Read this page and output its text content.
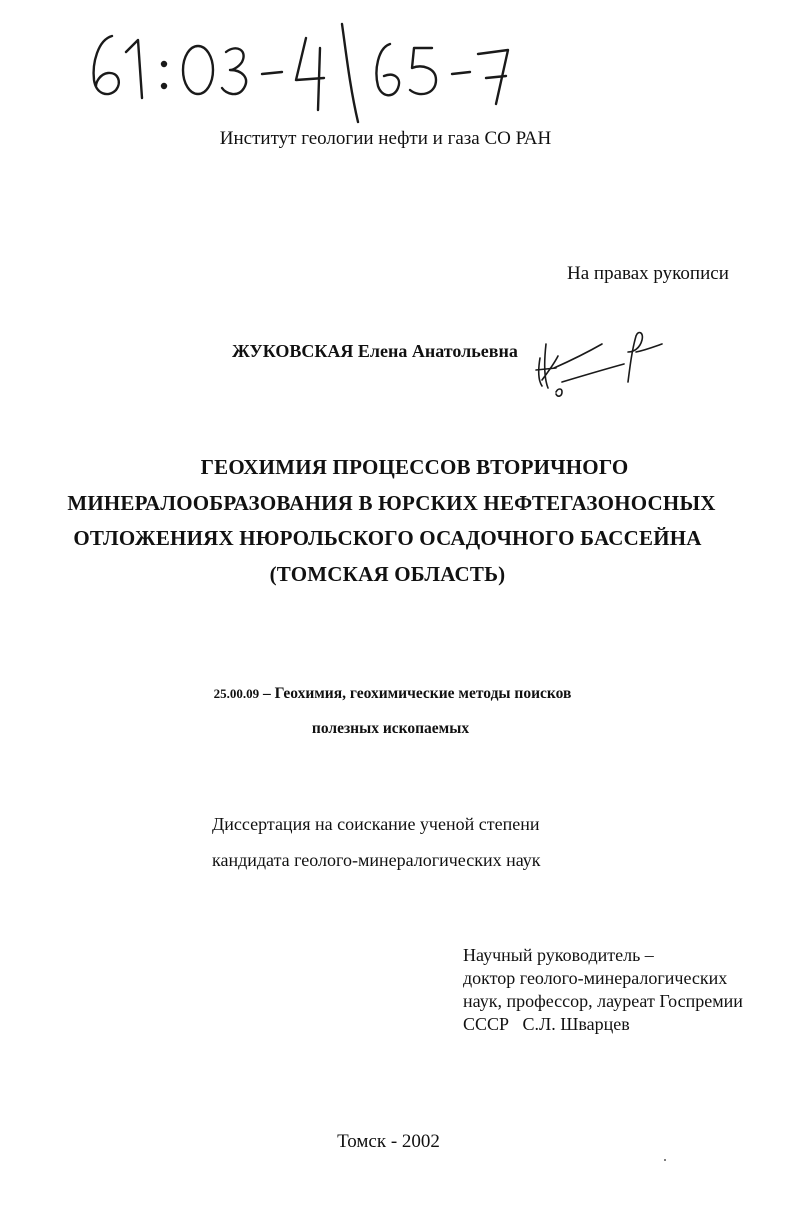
Институт геологии нефти и газа СО РАН
На правах рукописи
ЖУКОВСКАЯ Елена Анатольевна
ГЕОХИМИЯ ПРОЦЕССОВ ВТОРИЧНОГО
МИНЕРАЛООБРАЗОВАНИЯ В ЮРСКИХ НЕФТЕГАЗОНОСНЫХ
ОТЛОЖЕНИЯХ НЮРОЛЬСКОГО ОСАДОЧНОГО БАССЕЙНА
(ТОМСКАЯ ОБЛАСТЬ)
25.00.09 – Геохимия, геохимические методы поисков
полезных ископаемых
Диссертация на соискание ученой степени
кандидата геолого-минералогических наук
Научный руководитель –
доктор геолого-минералогических
наук, профессор, лауреат Госпремии
СССР   С.Л. Шварцев
Томск - 2002
